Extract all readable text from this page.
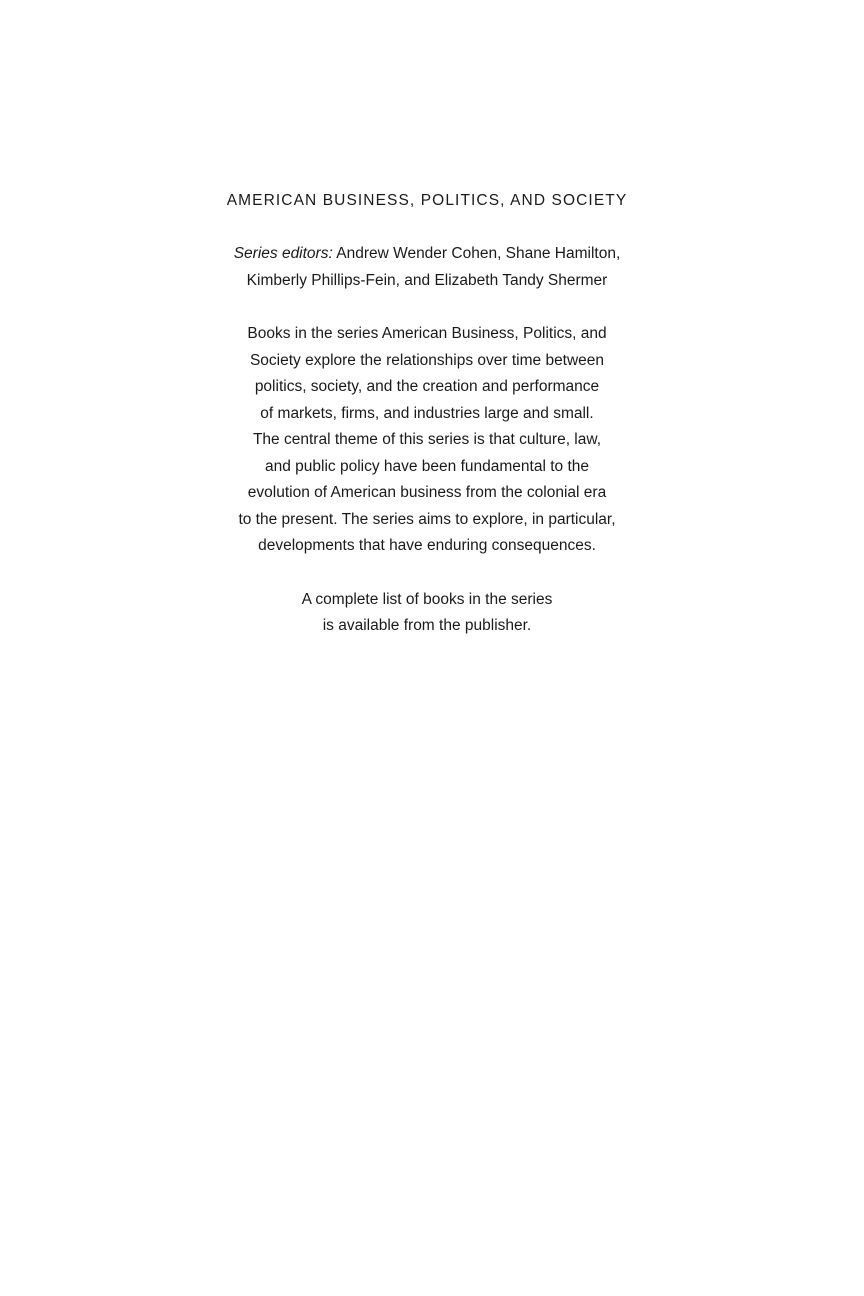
AMERICAN BUSINESS, POLITICS, AND SOCIETY
Series editors: Andrew Wender Cohen, Shane Hamilton,
Kimberly Phillips-Fein, and Elizabeth Tandy Shermer
Books in the series American Business, Politics, and
Society explore the relationships over time between
politics, society, and the creation and performance
of markets, firms, and industries large and small.
The central theme of this series is that culture, law,
and public policy have been fundamental to the
evolution of American business from the colonial era
to the present. The series aims to explore, in particular,
developments that have enduring consequences.
A complete list of books in the series
is available from the publisher.
